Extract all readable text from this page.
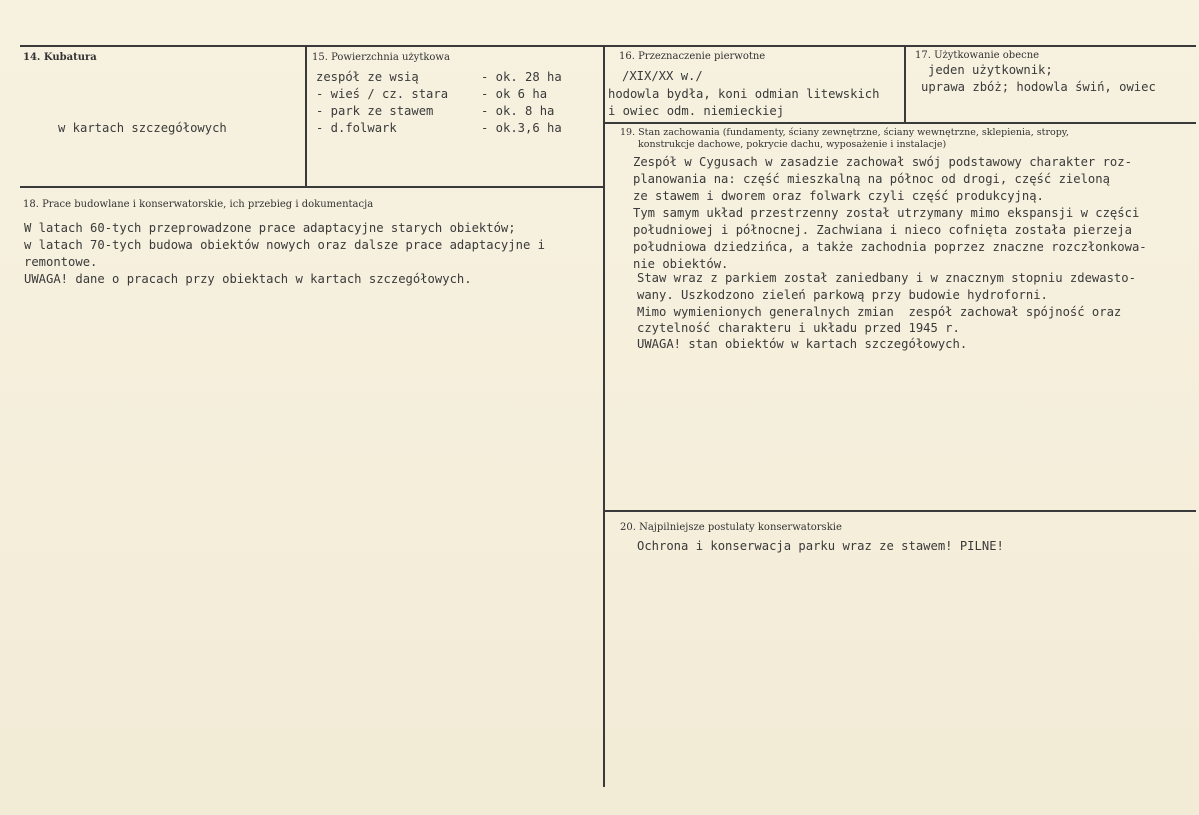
14. Kubatura
w kartach szczegółowych
15. Powierzchnia użytkowa
zespół ze wsią	- ok. 28 ha
- wieś / cz. stara	- ok 6 ha
- park ze stawem	- ok. 8 ha
- d.folwark	- ok.3,6 ha
16. Przeznaczenie pierwotne
/XIX/XX w./
hodowla bydła, koni odmian litewskich
i owiec odm. niemieckiej
17. Użytkowanie obecne
jeden użytkownik;
uprawa zbóż; hodowla świń, owiec
18. Prace budowlane i konserwatorskie, ich przebieg i dokumentacja
W latach 60-tych przeprowadzone prace adaptacyjne starych obiektów;
w latach 70-tych budowa obiektów nowych oraz dalsze prace adaptacyjne i
remontowe.
UWAGA! dane o pracach przy obiektach w kartach szczegółowych.
19. Stan zachowania (fundamenty, ściany zewnętrzne, ściany wewnętrzne, sklepienia, stropy,
konstrukcje dachowe, pokrycie dachu, wyposażenie i instalacje)
Zespół w Cygusach w zasadzie zachował swój podstawowy charakter roz-
planowania na: część mieszkalną na północ od drogi, część zieloną
ze stawem i dworem oraz folwark czyli część produkcyjną.
Tym samym układ przestrzenny został utrzymany mimo ekspansji w części
południowej i północnej. Zachwiana i nieco cofnięta została pierzeja
południowa dziedzińca, a także zachodnia poprzez znaczne rozczłonkowa-
nie obiektów.
Staw wraz z parkiem został zaniedbany i w znacznym stopniu zdewasto-
wany. Uszkodzono zieleń parkową przy budowie hydroforni.
Mimo wymienionych generalnych zmian  zespół zachował spójność oraz
czytelność charakteru i układu przed 1945 r.
UWAGA! stan obiektów w kartach szczegółowych.
20. Najpilniejsze postulaty konserwatorskie
Ochrona i konserwacja parku wraz ze stawem! PILNE!
